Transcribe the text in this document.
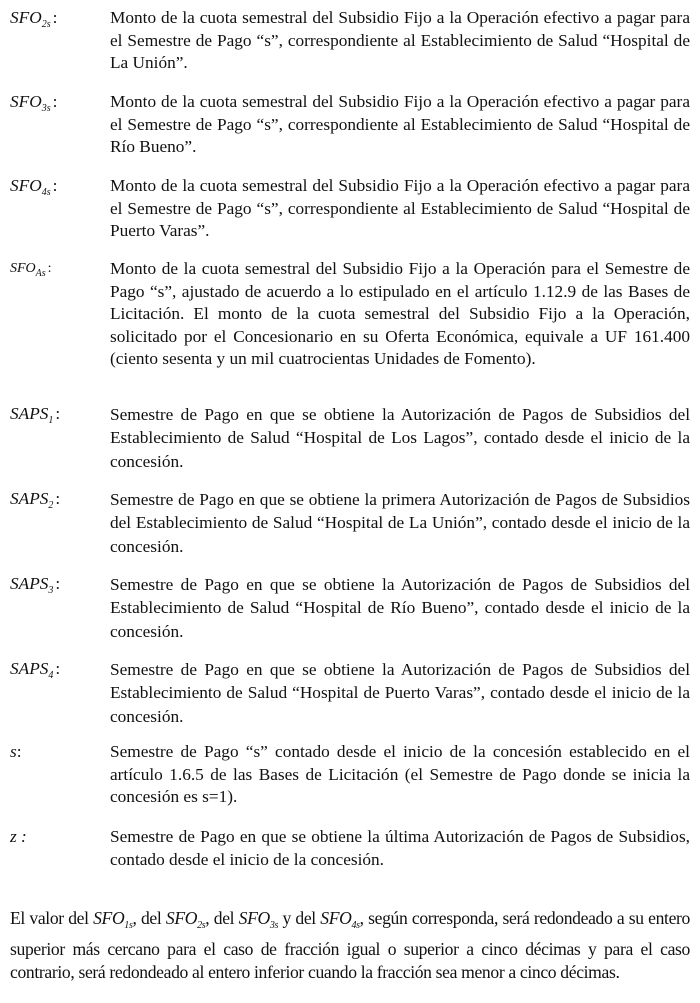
$SFO_{2s}$ :	Monto de la cuota semestral del Subsidio Fijo a la Operación efectivo a pagar para el Semestre de Pago “s”, correspondiente al Establecimiento de Salud “Hospital de La Unión”.
$SFO_{3s}$ :	Monto de la cuota semestral del Subsidio Fijo a la Operación efectivo a pagar para el Semestre de Pago “s”, correspondiente al Establecimiento de Salud “Hospital de Río Bueno”.
$SFO_{4s}$ :	Monto de la cuota semestral del Subsidio Fijo a la Operación efectivo a pagar para el Semestre de Pago “s”, correspondiente al Establecimiento de Salud “Hospital de Puerto Varas”.
$SFO_{As}$ :	Monto de la cuota semestral del Subsidio Fijo a la Operación para el Semestre de Pago “s”, ajustado de acuerdo a lo estipulado en el artículo 1.12.9 de las Bases de Licitación. El monto de la cuota semestral del Subsidio Fijo a la Operación, solicitado por el Concesionario en su Oferta Económica, equivale a UF 161.400 (ciento sesenta y un mil cuatrocientas Unidades de Fomento).
$SAPS_1$ :	Semestre de Pago en que se obtiene la Autorización de Pagos de Subsidios del Establecimiento de Salud “Hospital de Los Lagos”, contado desde el inicio de la concesión.
$SAPS_2$ :	Semestre de Pago en que se obtiene la primera Autorización de Pagos de Subsidios del Establecimiento de Salud “Hospital de La Unión”, contado desde el inicio de la concesión.
$SAPS_3$ :	Semestre de Pago en que se obtiene la Autorización de Pagos de Subsidios del Establecimiento de Salud “Hospital de Río Bueno”, contado desde el inicio de la concesión.
$SAPS_4$ :	Semestre de Pago en que se obtiene la Autorización de Pagos de Subsidios del Establecimiento de Salud “Hospital de Puerto Varas”, contado desde el inicio de la concesión.
s:	Semestre de Pago “s” contado desde el inicio de la concesión establecido en el artículo 1.6.5 de las Bases de Licitación (el Semestre de Pago donde se inicia la concesión es s=1).
z :	Semestre de Pago en que se obtiene la última Autorización de Pagos de Subsidios, contado desde el inicio de la concesión.

El valor del $SFO_{1s}$, del $SFO_{2s}$, del $SFO_{3s}$ y del $SFO_{4s}$, según corresponda, será redondeado a su entero superior más cercano para el caso de fracción igual o superior a cinco décimas y para el caso contrario, será redondeado al entero inferior cuando la fracción sea menor a cinco décimas.
